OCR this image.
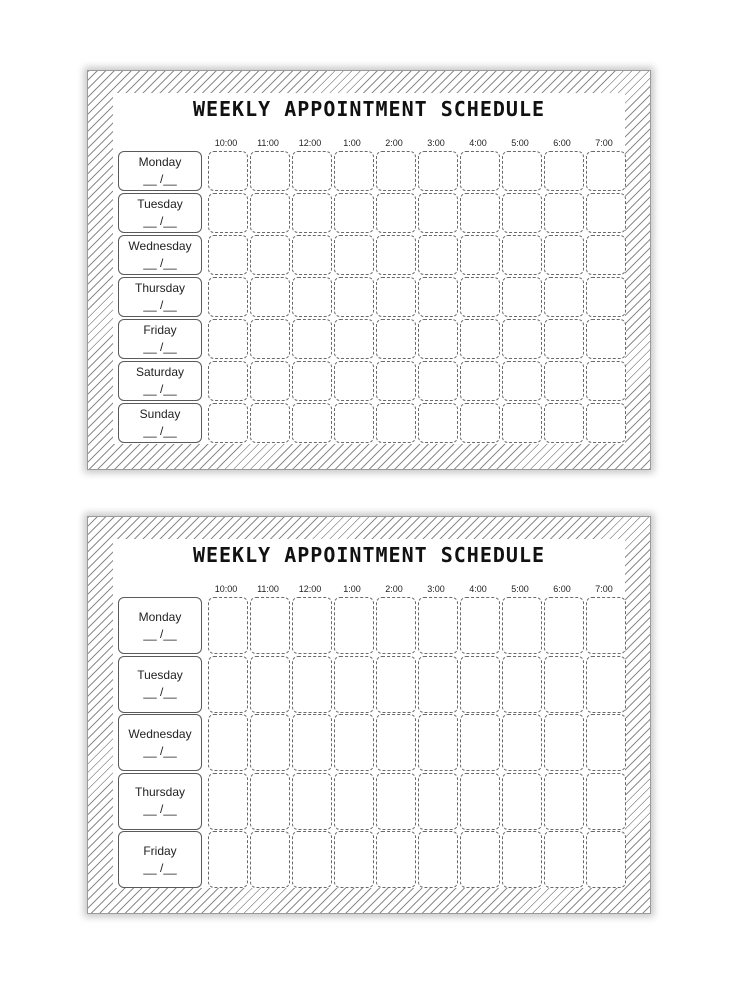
WEEKLY APPOINTMENT SCHEDULE
10:00	11:00	12:00	1:00	2:00	3:00	4:00	5:00	6:00	7:00
Monday
__ /__
Tuesday
__ /__
Wednesday
__ /__
Thursday
__ /__
Friday
__ /__
Saturday
__ /__
Sunday
__ /__
WEEKLY APPOINTMENT SCHEDULE
10:00	11:00	12:00	1:00	2:00	3:00	4:00	5:00	6:00	7:00
Monday
__ /__
Tuesday
__ /__
Wednesday
__ /__
Thursday
__ /__
Friday
__ /__
